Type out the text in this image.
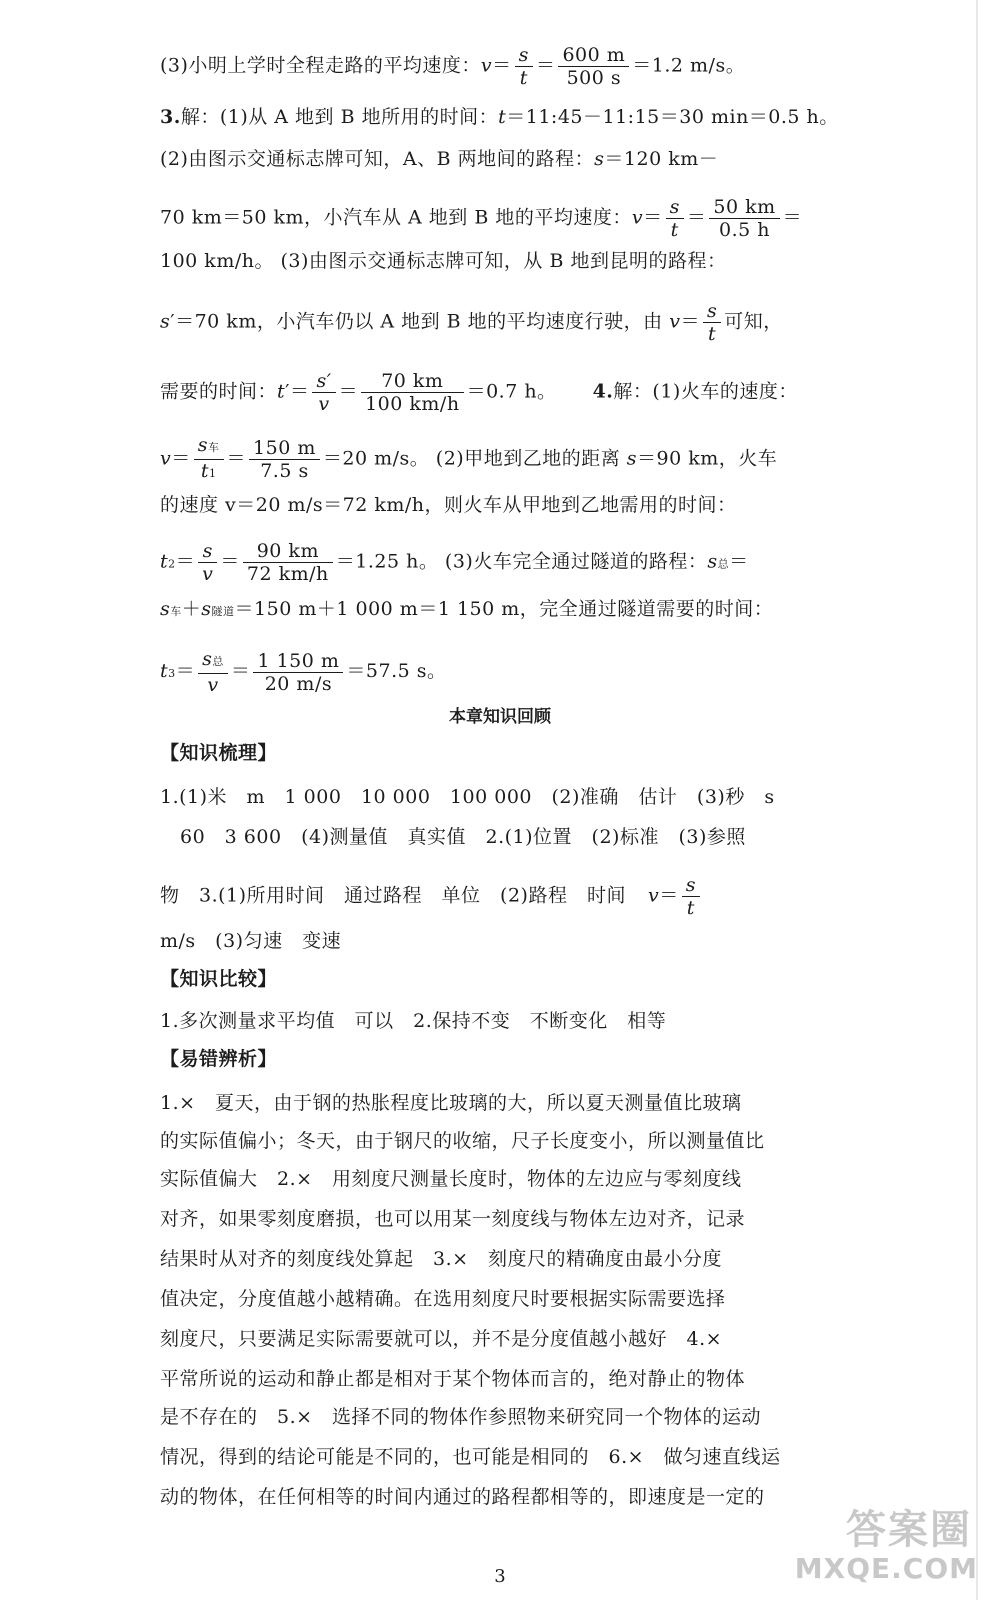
(3)小明上学时全程走路的平均速度：$v= \frac{s}{t} = \frac{600 m}{500 s} =1.2$ m/s。
3.解：(1)从 A 地到 B 地所用的时间：t＝11:45－11:15＝30 min＝0.5 h。
(2)由图示交通标志牌可知，A、B 两地间的路程：s＝120 km－
70 km＝50 km，小汽车从 A 地到 B 地的平均速度：$v= \frac{s}{t} = \frac{50 km}{0.5 h}$ ＝
100 km/h。 (3)由图示交通标志牌可知，从 B 地到昆明的路程：
s′＝70 km，小汽车仍以 A 地到 B 地的平均速度行驶，由 $v= \frac{s}{t}$ 可知，
需要的时间：$t'= \frac{s'}{v} = \frac{70 km}{100 km/h} =0.7$ h。 4.解：(1)火车的速度：
v＝
s车
t1
＝ $\frac{150 m}{7.5 s} =20$ m/s。 (2)甲地到乙地的距离 s＝90 km，火车
的速度 v＝20 m/s＝72 km/h，则火车从甲地到乙地需用的时间：
$t2= \frac{s}{v} = \frac{90 km}{72 km/h} =1.25$ h。 (3)火车完全通过隧道的路程：s总＝
s车＋s隧道＝150 m＋1 000 m＝1 150 m，完全通过隧道需要的时间：
t3＝
s总
v
＝ $\frac{1 150 m}{20 m/s} =57.5$ s。
本章知识回顾
【知识梳理】
1.(1)米　m　1 000　10 000　100 000　(2)准确　估计　(3)秒　s
60　3 600　(4)测量值　真实值　2.(1)位置　(2)标准　(3)参照
物　3.(1)所用时间　通过路程　单位　(2)路程　时间 $v= \frac{s}{t}$
m/s　(3)匀速　变速
【知识比较】
1.多次测量求平均值　可以　2.保持不变　不断变化　相等
【易错辨析】
1.×　夏天，由于钢的热胀程度比玻璃的大，所以夏天测量值比玻璃
的实际值偏小；冬天，由于钢尺的收缩，尺子长度变小，所以测量值比
实际值偏大　2.×　用刻度尺测量长度时，物体的左边应与零刻度线
对齐，如果零刻度磨损，也可以用某一刻度线与物体左边对齐，记录
结果时从对齐的刻度线处算起　3.×　刻度尺的精确度由最小分度
值决定，分度值越小越精确。在选用刻度尺时要根据实际需要选择
刻度尺，只要满足实际需要就可以，并不是分度值越小越好　4.×
平常所说的运动和静止都是相对于某个物体而言的，绝对静止的物体
是不存在的　5.×　选择不同的物体作参照物来研究同一个物体的运动
情况，得到的结论可能是不同的，也可能是相同的　6.×　做匀速直线运
动的物体，在任何相等的时间内通过的路程都相等的，即速度是一定的
3
答案圈
MXQE.COM
